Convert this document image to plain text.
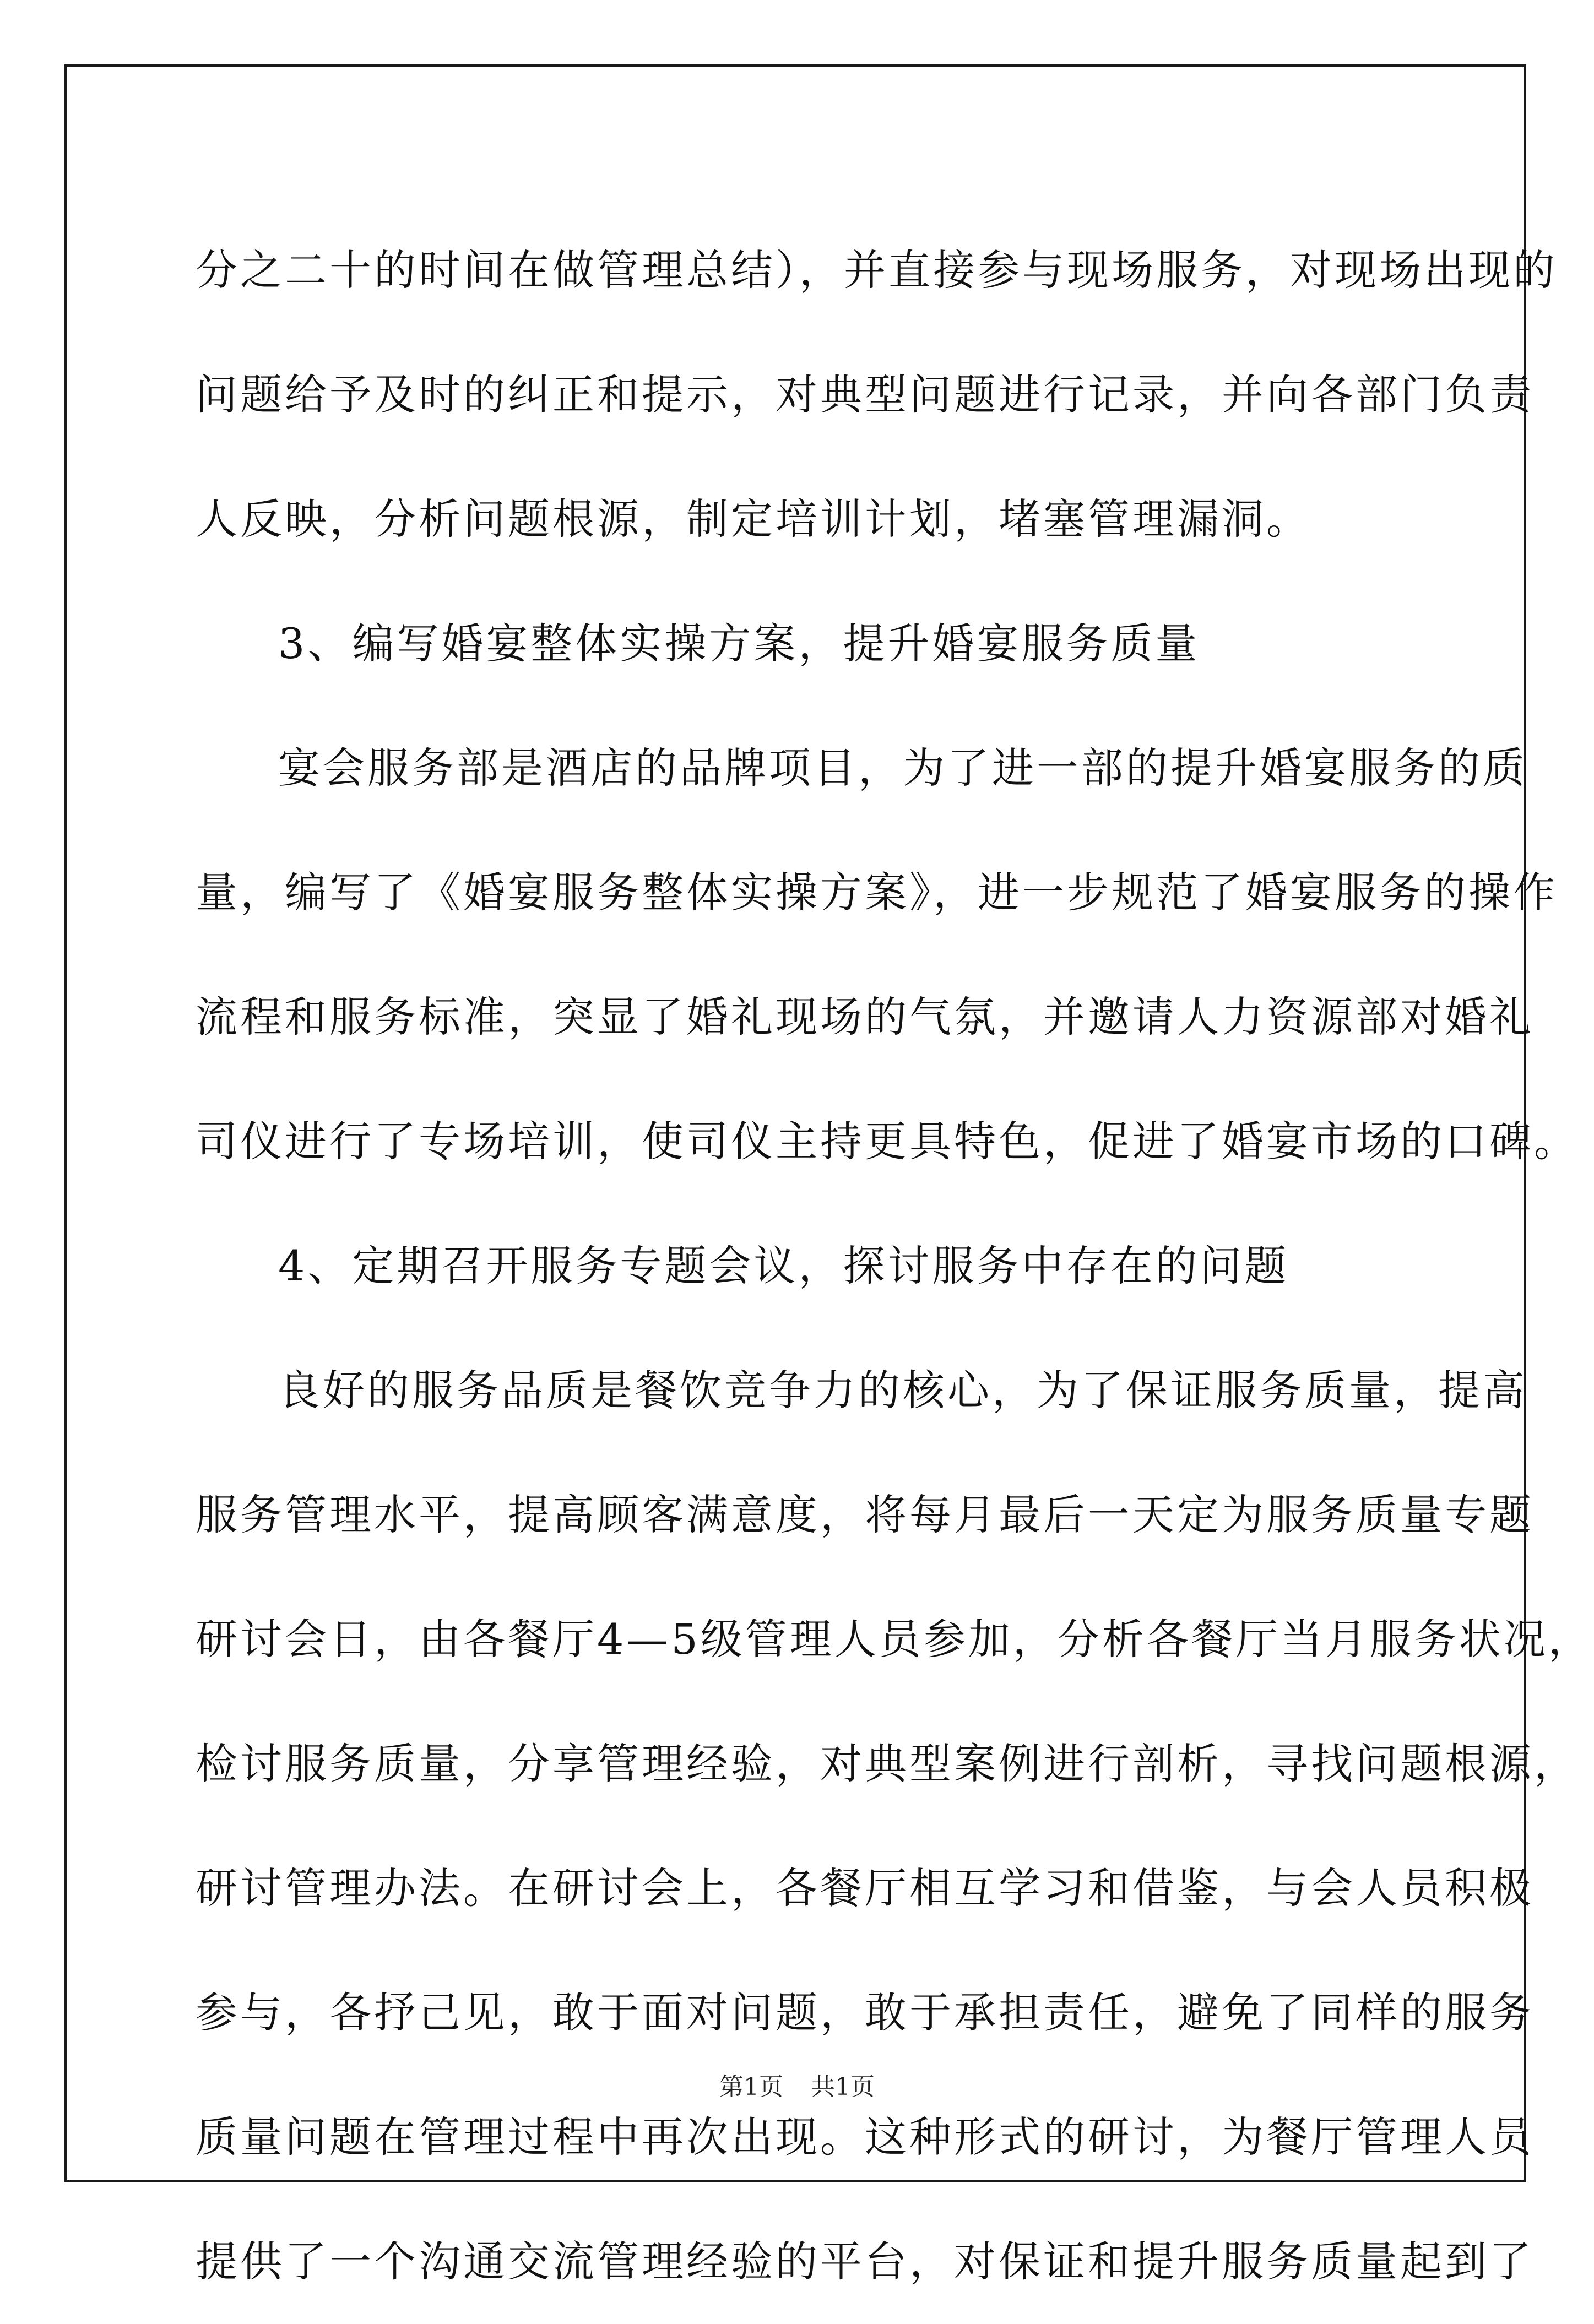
分之二十的时间在做管理总结），并直接参与现场服务，对现场出现的
问题给予及时的纠正和提示，对典型问题进行记录，并向各部门负责
人反映，分析问题根源，制定培训计划，堵塞管理漏洞。
3、编写婚宴整体实操方案，提升婚宴服务质量
宴会服务部是酒店的品牌项目，为了进一部的提升婚宴服务的质
量，编写了《婚宴服务整体实操方案》，进一步规范了婚宴服务的操作
流程和服务标准，突显了婚礼现场的气氛，并邀请人力资源部对婚礼
司仪进行了专场培训，使司仪主持更具特色，促进了婚宴市场的口碑。
4、定期召开服务专题会议，探讨服务中存在的问题
良好的服务品质是餐饮竞争力的核心，为了保证服务质量，提高
服务管理水平，提高顾客满意度，将每月最后一天定为服务质量专题
研讨会日，由各餐厅4—5级管理人员参加，分析各餐厅当月服务状况，
检讨服务质量，分享管理经验，对典型案例进行剖析，寻找问题根源，
研讨管理办法。在研讨会上，各餐厅相互学习和借鉴，与会人员积极
参与，各抒己见，敢于面对问题，敢于承担责任，避免了同样的服务
质量问题在管理过程中再次出现。这种形式的研讨，为餐厅管理人员
提供了一个沟通交流管理经验的平台，对保证和提升服务质量起到了
第1页 共1页
